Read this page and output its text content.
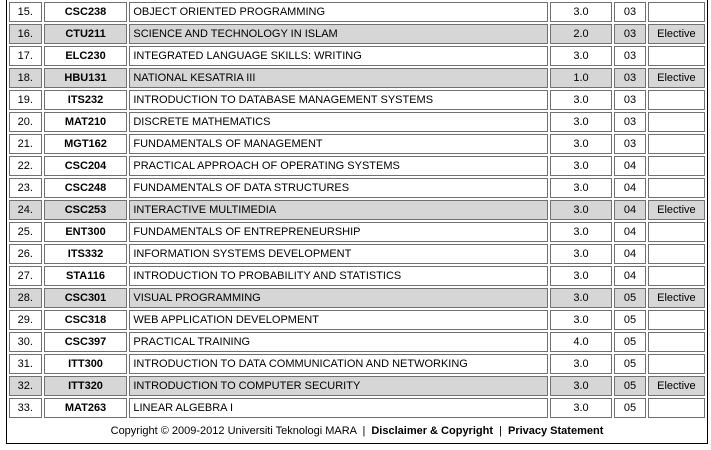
15.	CSC238	OBJECT ORIENTED PROGRAMMING	3.0	03	
16.	CTU211	SCIENCE AND TECHNOLOGY IN ISLAM	2.0	03	Elective
17.	ELC230	INTEGRATED LANGUAGE SKILLS: WRITING	3.0	03	
18.	HBU131	NATIONAL KESATRIA III	1.0	03	Elective
19.	ITS232	INTRODUCTION TO DATABASE MANAGEMENT SYSTEMS	3.0	03	
20.	MAT210	DISCRETE MATHEMATICS	3.0	03	
21.	MGT162	FUNDAMENTALS OF MANAGEMENT	3.0	03	
22.	CSC204	PRACTICAL APPROACH OF OPERATING SYSTEMS	3.0	04	
23.	CSC248	FUNDAMENTALS OF DATA STRUCTURES	3.0	04	
24.	CSC253	INTERACTIVE MULTIMEDIA	3.0	04	Elective
25.	ENT300	FUNDAMENTALS OF ENTREPRENEURSHIP	3.0	04	
26.	ITS332	INFORMATION SYSTEMS DEVELOPMENT	3.0	04	
27.	STA116	INTRODUCTION TO PROBABILITY AND STATISTICS	3.0	04	
28.	CSC301	VISUAL PROGRAMMING	3.0	05	Elective
29.	CSC318	WEB APPLICATION DEVELOPMENT	3.0	05	
30.	CSC397	PRACTICAL TRAINING	4.0	05	
31.	ITT300	INTRODUCTION TO DATA COMMUNICATION AND NETWORKING	3.0	05	
32.	ITT320	INTRODUCTION TO COMPUTER SECURITY	3.0	05	Elective
33.	MAT263	LINEAR ALGEBRA I	3.0	05	
Copyright © 2009-2012 Universiti Teknologi MARA | Disclaimer & Copyright | Privacy Statement
